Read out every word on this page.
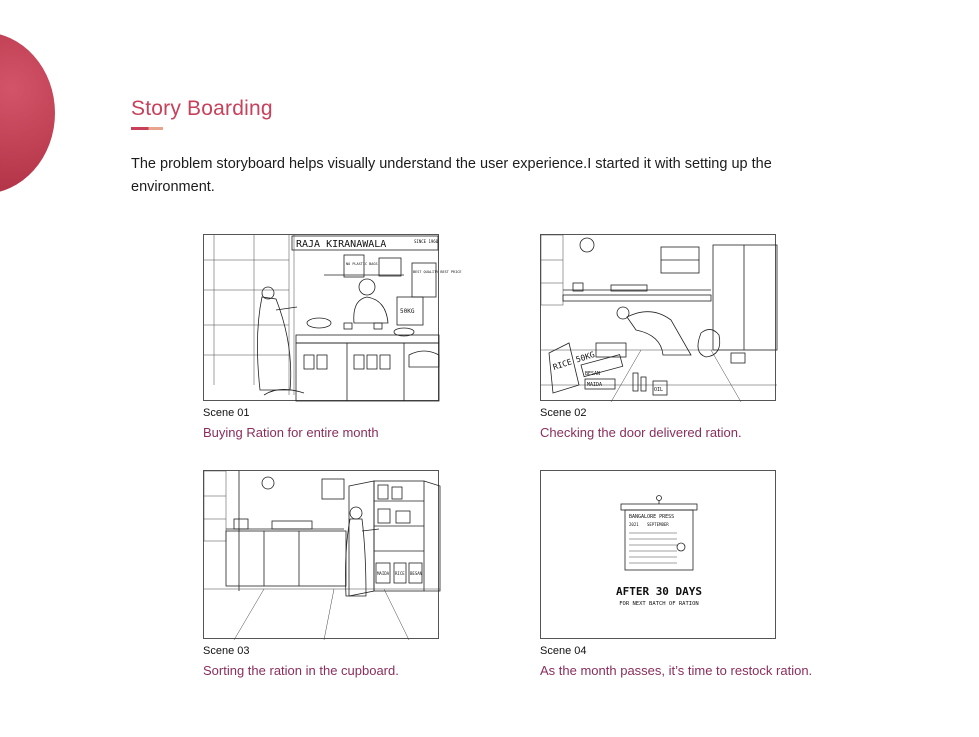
Story Boarding
The problem storyboard helps visually understand the user experience.I started it with setting up the environment.
RAJA KIRANAWALA	SINCE 1960
NO PLASTIC BAGS
BEST QUALITY BEST PRICE
50KG
Scene 01
Buying Ration for entire month
RICE 50KG
BESAN
MAIDA
OIL
Scene 02
Checking the door delivered ration.
MAIDA RICE BESAN
Scene 03
Sorting the ration in the cupboard.
BANGALORE PRESS
SEPTEMBER
2021
AFTER 30 DAYS
FOR NEXT BATCH OF RATION
Scene 04
As the month passes, it’s time to restock ration.
